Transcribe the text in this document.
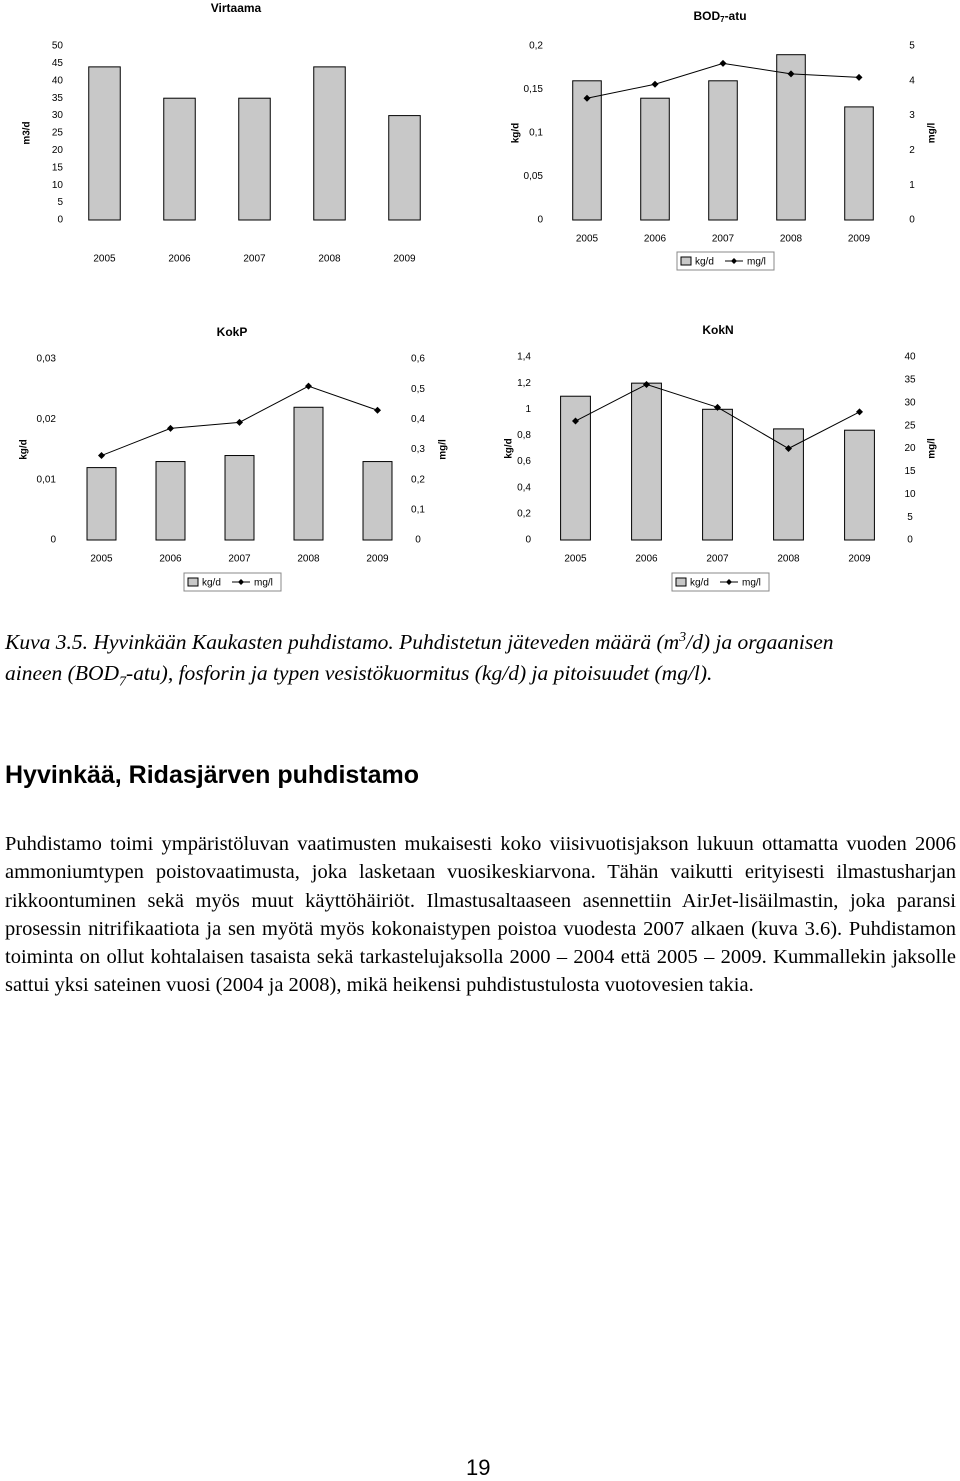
Virtaama
0
5
10
15
20
25
30
35
40
45
50
m3/d
2005	2006	2007	2008	2009
$BOD_7$-atu
0
0,05
0,1
0,15
0,2
kg/d
0
1
2
3
4
5
mg/l
2005	2006	2007	2008	2009
kg/d	mg/l
KokP
0
0,01
0,02
0,03
kg/d
0
0,1
0,2
0,3
0,4
0,5
0,6
mg/l
2005	2006	2007	2008	2009
kg/d	mg/l
KokN
0
0,2
0,4
0,6
0,8
1
1,2
1,4
kg/d
0
5
10
15
20
25
30
35
40
mg/l
2005	2006	2007	2008	2009
kg/d	mg/l

Kuva 3.5. Hyvinkään Kaukasten puhdistamo. Puhdistetun jäteveden määrä $(m^3/d)$ ja orgaanisen
aineen $(BOD_7-atu)$, fosforin ja typen vesistökuormitus (kg/d) ja pitoisuudet (mg/l).

Hyvinkää, Ridasjärven puhdistamo

Puhdistamo toimi ympäristöluvan vaatimusten mukaisesti koko viisivuotisjakson lukuun ottamatta vuoden 2006 ammoniumtypen poistovaatimusta, joka lasketaan vuosikeskiarvona. Tähän vaikutti erityisesti ilmastusharjan rikkoontuminen sekä myös muut käyttöhäiriöt. Ilmastusaltaaseen asennettiin AirJet-lisäilmastin, joka paransi prosessin nitrifikaatiota ja sen myötä myös kokonaistypen poistoa vuodesta 2007 alkaen (kuva 3.6). Puhdistamon toiminta on ollut kohtalaisen tasaista sekä tarkastelujaksolla 2000 – 2004 että 2005 – 2009. Kummallekin jaksolle sattui yksi sateinen vuosi (2004 ja 2008), mikä heikensi puhdistustulosta vuotovesien takia.

19
